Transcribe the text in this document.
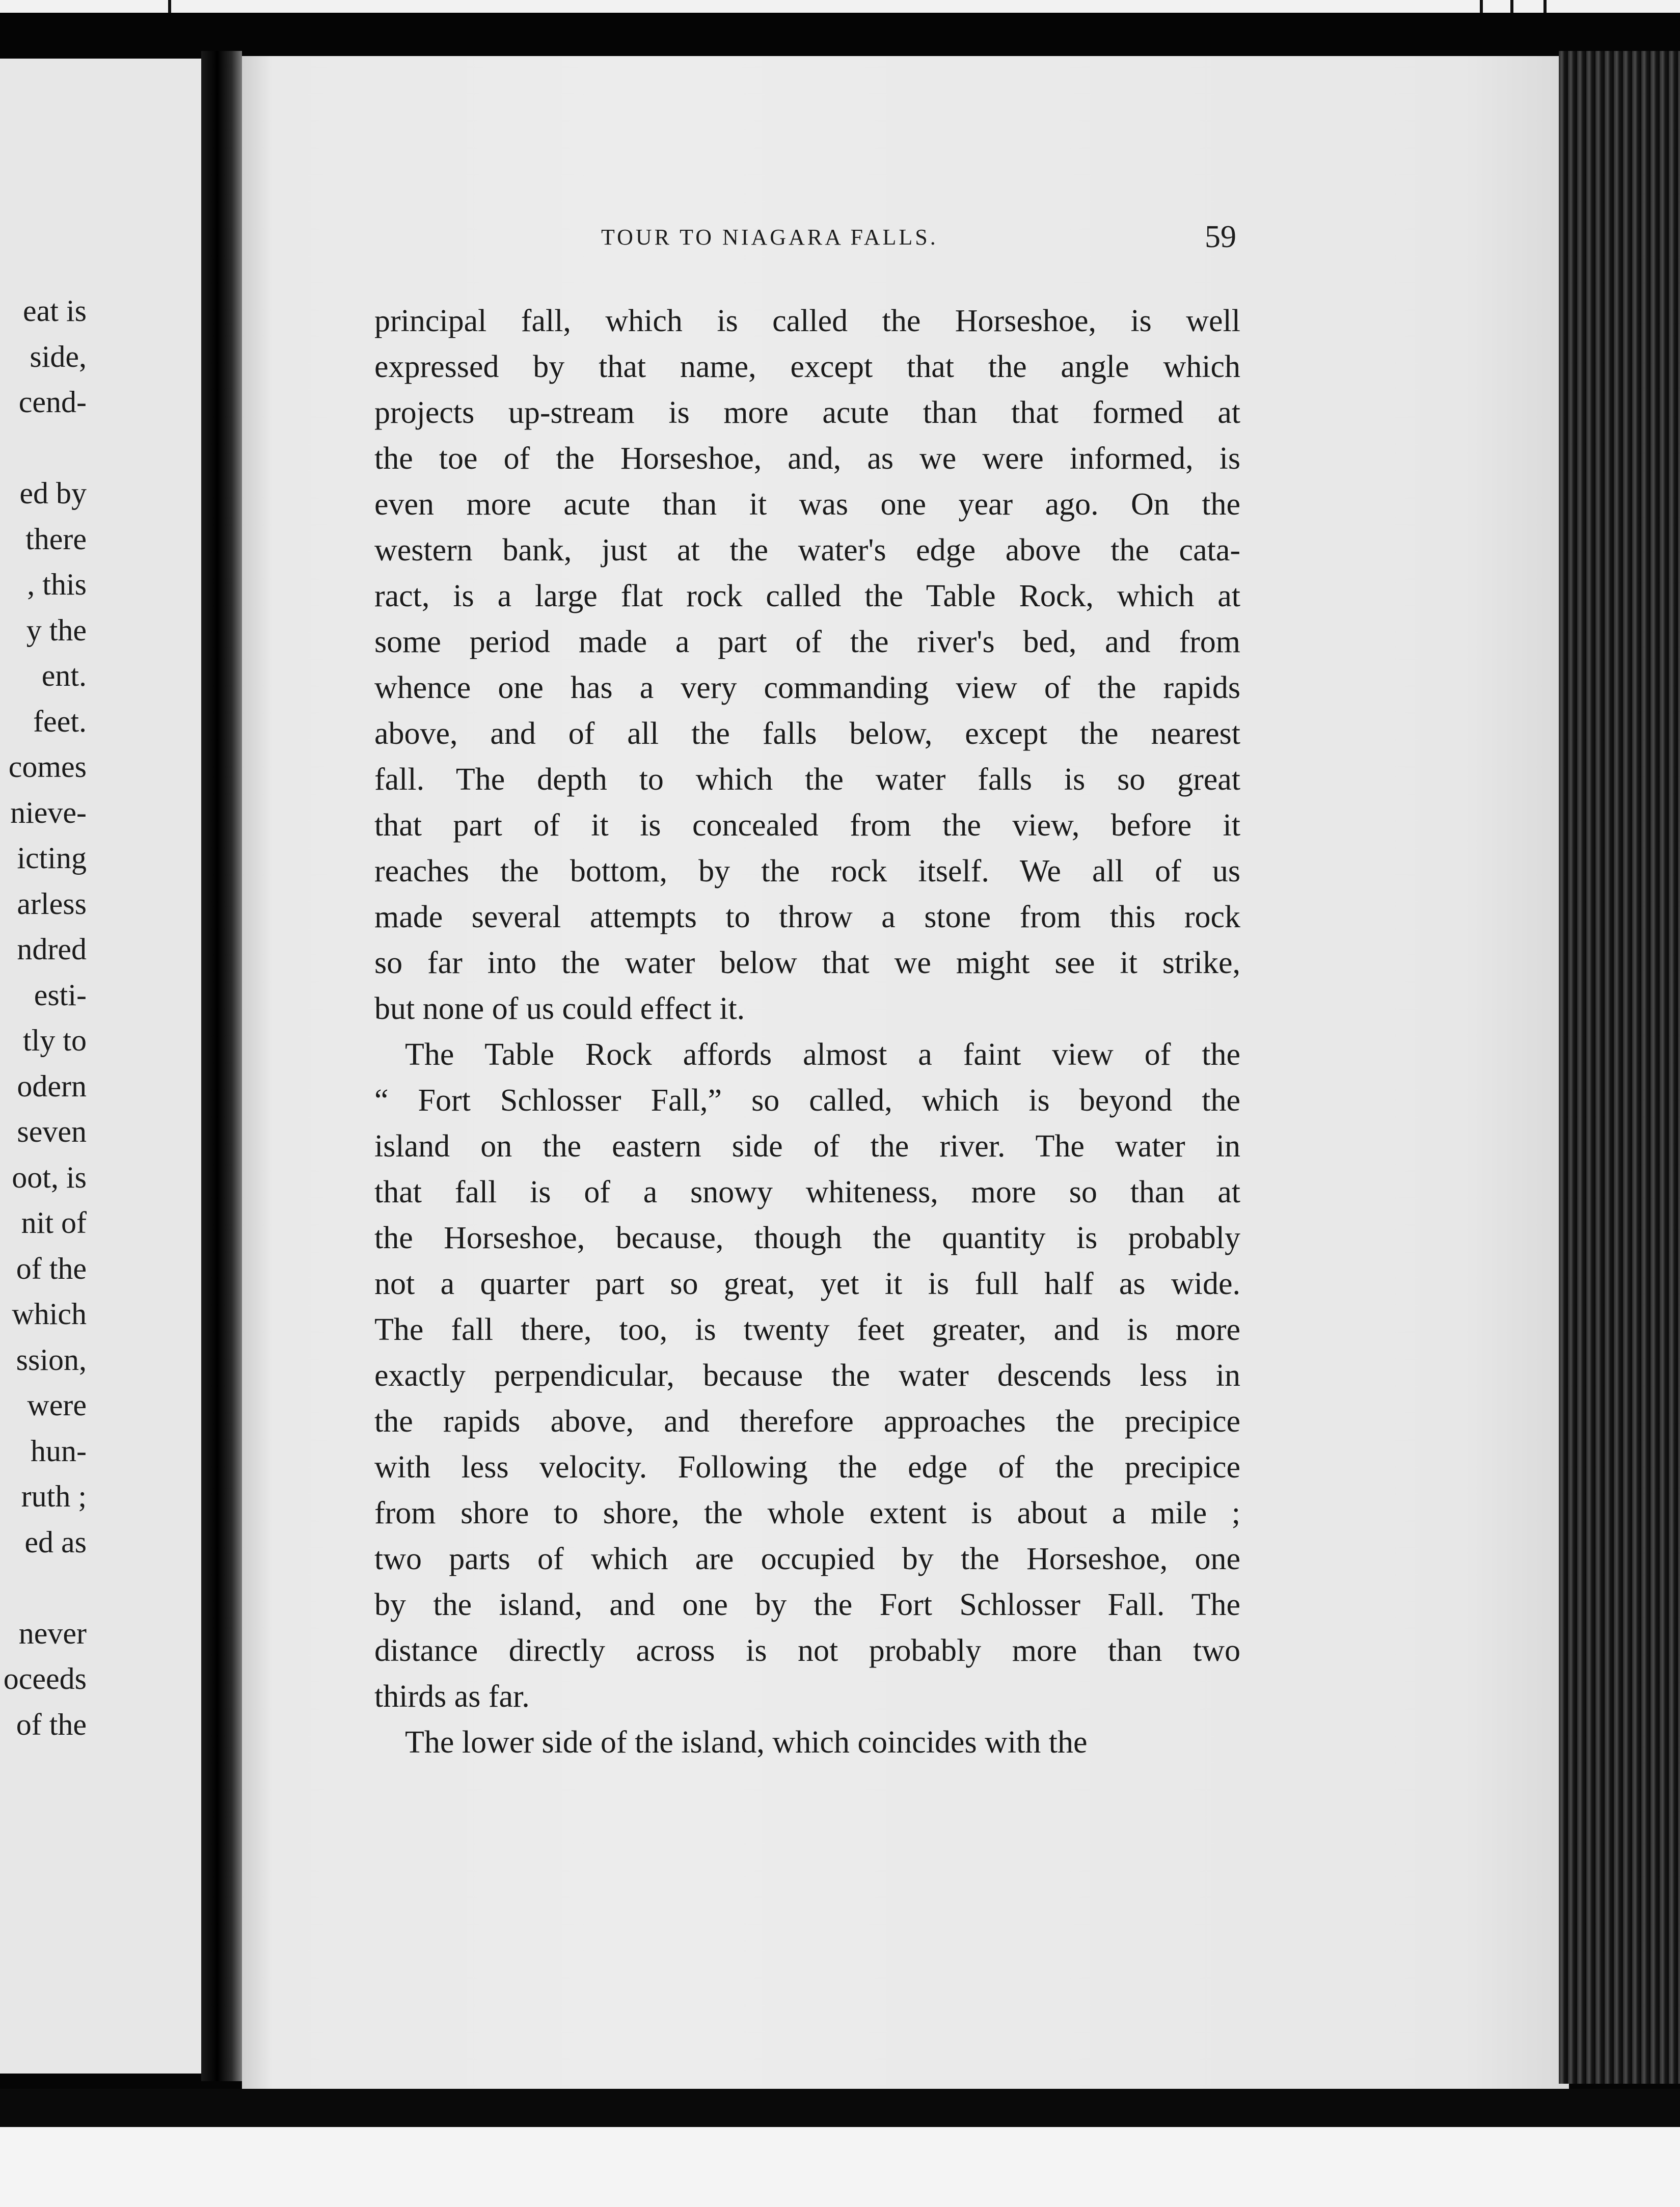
eat is
side,
cend-
ed by
there
, this
y the
ent.
feet.
comes
nieve-
icting
arless
ndred
esti-
tly to
odern
seven
oot, is
nit of
of the
which
ssion,
were
hun-
ruth ;
ed as
never
oceeds
of the
TOUR TO NIAGARA FALLS.	59
principal fall, which is called the Horseshoe, is well
expressed by that name, except that the angle which
projects up-stream is more acute than that formed at
the toe of the Horseshoe, and, as we were informed, is
even more acute than it was one year ago. On the
western bank, just at the water's edge above the cata-
ract, is a large flat rock called the Table Rock, which at
some period made a part of the river's bed, and from
whence one has a very commanding view of the rapids
above, and of all the falls below, except the nearest
fall. The depth to which the water falls is so great
that part of it is concealed from the view, before it
reaches the bottom, by the rock itself. We all of us
made several attempts to throw a stone from this rock
so far into the water below that we might see it strike,
but none of us could effect it.
The Table Rock affords almost a faint view of the
“ Fort Schlosser Fall,” so called, which is beyond the
island on the eastern side of the river. The water in
that fall is of a snowy whiteness, more so than at
the Horseshoe, because, though the quantity is probably
not a quarter part so great, yet it is full half as wide.
The fall there, too, is twenty feet greater, and is more
exactly perpendicular, because the water descends less in
the rapids above, and therefore approaches the precipice
with less velocity. Following the edge of the precipice
from shore to shore, the whole extent is about a mile ;
two parts of which are occupied by the Horseshoe, one
by the island, and one by the Fort Schlosser Fall. The
distance directly across is not probably more than two
thirds as far.
The lower side of the island, which coincides with the
